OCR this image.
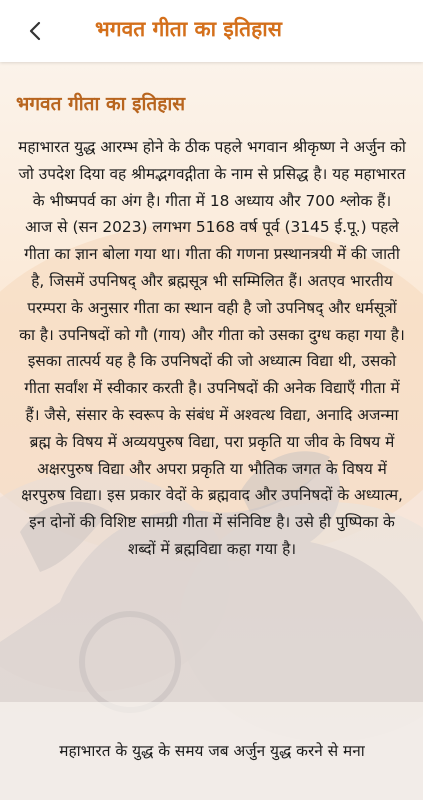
भगवत गीता का इतिहास
भगवत गीता का इतिहास
महाभारत युद्ध आरम्भ होने के ठीक पहले भगवान श्रीकृष्ण ने अर्जुन को जो उपदेश दिया वह श्रीमद्भगवद्गीता के नाम से प्रसिद्ध है। यह महाभारत के भीष्मपर्व का अंग है। गीता में 18 अध्याय और 700 श्लोक हैं। आज से (सन 2023) लगभग 5168 वर्ष पूर्व (3145 ई.पू.) पहले गीता का ज्ञान बोला गया था। गीता की गणना प्रस्थानत्रयी में की जाती है, जिसमें उपनिषद् और ब्रह्मसूत्र भी सम्मिलित हैं। अतएव भारतीय परम्परा के अनुसार गीता का स्थान वही है जो उपनिषद् और धर्मसूत्रों का है। उपनिषदों को गौ (गाय) और गीता को उसका दुग्ध कहा गया है। इसका तात्पर्य यह है कि उपनिषदों की जो अध्यात्म विद्या थी, उसको गीता सर्वांश में स्वीकार करती है। उपनिषदों की अनेक विद्याएँ गीता में हैं। जैसे, संसार के स्वरूप के संबंध में अश्वत्थ विद्या, अनादि अजन्मा ब्रह्म के विषय में अव्ययपुरुष विद्या, परा प्रकृति या जीव के विषय में अक्षरपुरुष विद्या और अपरा प्रकृति या भौतिक जगत के विषय में क्षरपुरुष विद्या। इस प्रकार वेदों के ब्रह्मवाद और उपनिषदों के अध्यात्म, इन दोनों की विशिष्ट सामग्री गीता में संनिविष्ट है। उसे ही पुष्पिका के शब्दों में ब्रह्मविद्या कहा गया है।
महाभारत के युद्ध के समय जब अर्जुन युद्ध करने से मना
